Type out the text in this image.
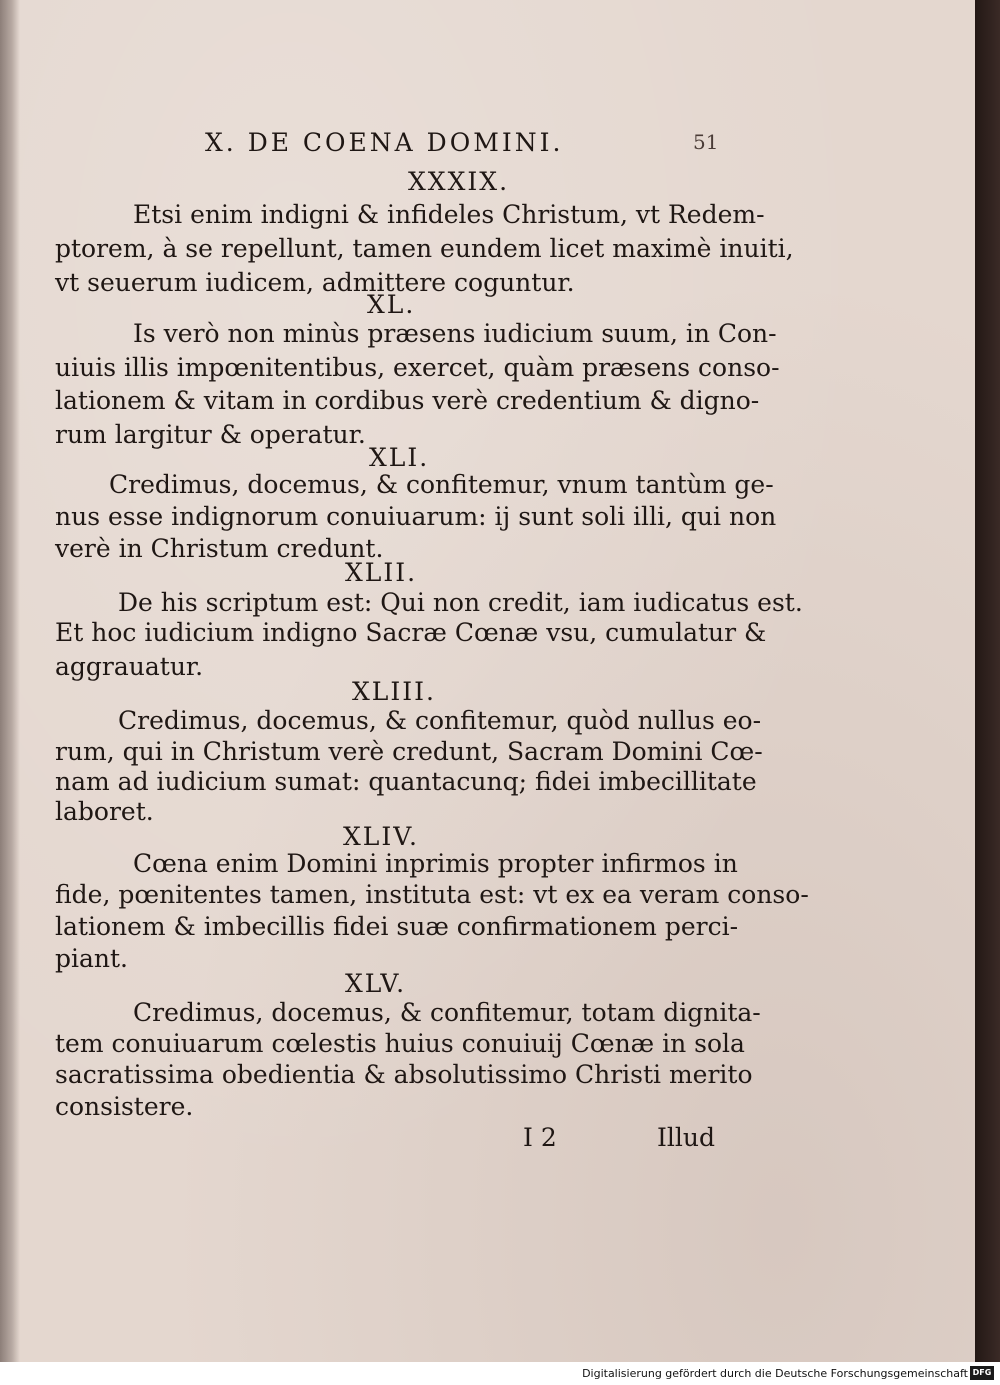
X. DE COENA DOMINI.	51
XXXIX.
Etsi enim indigni & infideles Christum, vt Redem-
ptorem, à se repellunt, tamen eundem licet maximè inuiti,
vt seuerum iudicem, admittere coguntur.
XL.
Is verò non minùs præsens iudicium suum, in Con-
uiuis illis impœnitentibus, exercet, quàm præsens conso-
lationem & vitam in cordibus verè credentium & digno-
rum largitur & operatur.
XLI.
Credimus, docemus, & confitemur, vnum tantùm ge-
nus esse indignorum conuiuarum: ij sunt soli illi, qui non
verè in Christum credunt.
XLII.
De his scriptum est: Qui non credit, iam iudicatus est.
Et hoc iudicium indigno Sacræ Cœnæ vsu, cumulatur &
aggrauatur.
XLIII.
Credimus, docemus, & confitemur, quòd nullus eo-
rum, qui in Christum verè credunt, Sacram Domini Cœ-
nam ad iudicium sumat: quantacunq; fidei imbecillitate
laboret.
XLIV.
Cœna enim Domini inprimis propter infirmos in
fide, pœnitentes tamen, instituta est: vt ex ea veram conso-
lationem & imbecillis fidei suæ confirmationem perci-
piant.
XLV.
Credimus, docemus, & confitemur, totam dignita-
tem conuiuarum cœlestis huius conuiuij Cœnæ in sola
sacratissima obedientia & absolutissimo Christi merito
consistere.
I 2	Illud
Digitalisierung gefördert durch die Deutsche Forschungsgemeinschaft DFG
